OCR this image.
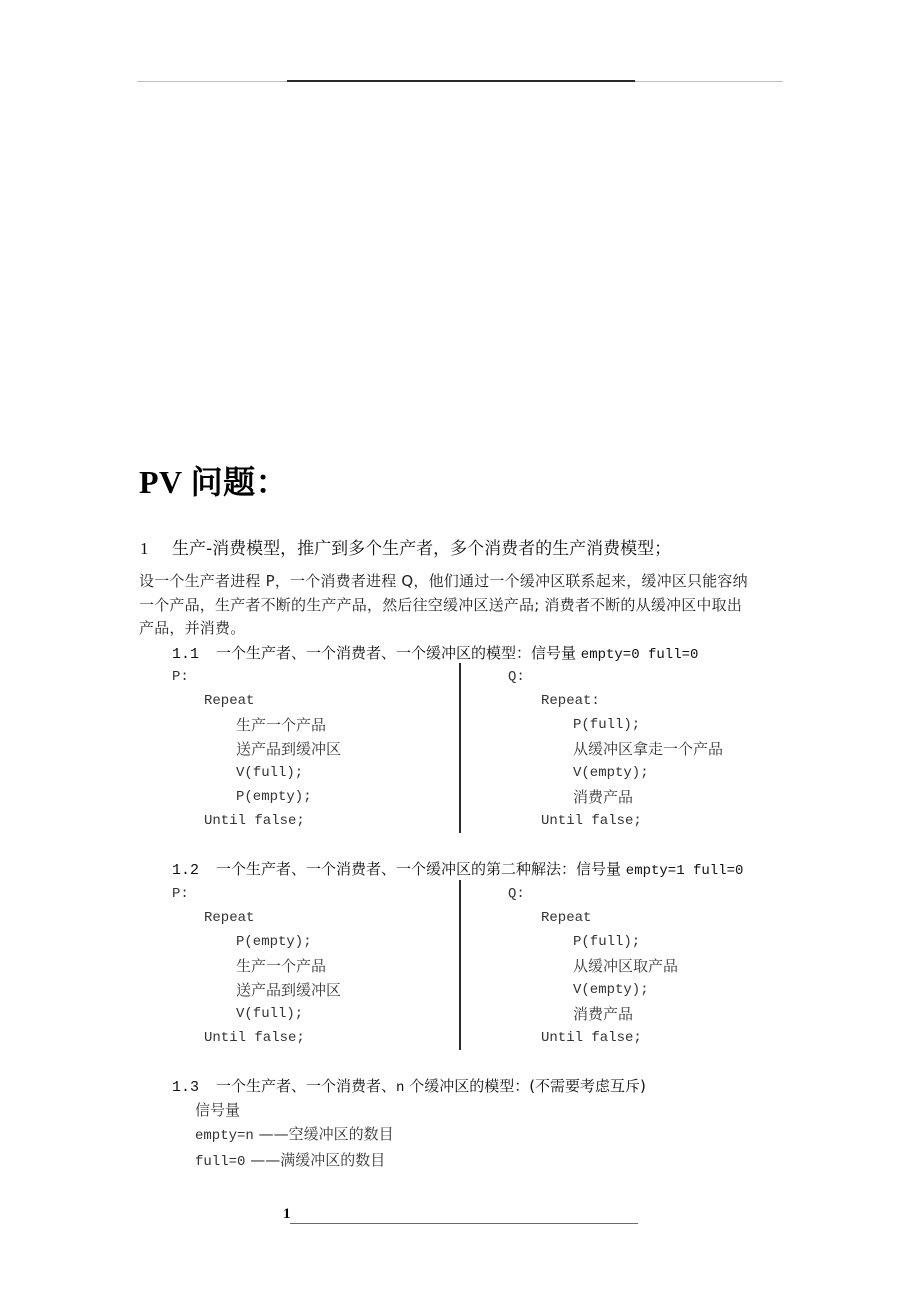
PV 问题：
1 生产-消费模型，推广到多个生产者，多个消费者的生产消费模型；
设一个生产者进程 P，一个消费者进程 Q，他们通过一个缓冲区联系起来，缓冲区只能容纳
一个产品，生产者不断的生产产品，然后往空缓冲区送产品; 消费者不断的从缓冲区中取出
产品，并消费。
1.1 一个生产者、一个消费者、一个缓冲区的模型：信号量 empty=0 full=0
P:
Repeat
生产一个产品
送产品到缓冲区
V(full);
P(empty);
Until false;
Q:
Repeat:
P(full);
从缓冲区拿走一个产品
V(empty);
消费产品
Until false;
1.2 一个生产者、一个消费者、一个缓冲区的第二种解法：信号量 empty=1 full=0
P:
Repeat
P(empty);
生产一个产品
送产品到缓冲区
V(full);
Until false;
Q:
Repeat
P(full);
从缓冲区取产品
V(empty);
消费产品
Until false;
1.3 一个生产者、一个消费者、n 个缓冲区的模型：(不需要考虑互斥)
信号量
empty=n ——空缓冲区的数目
full=0 ——满缓冲区的数目
1
